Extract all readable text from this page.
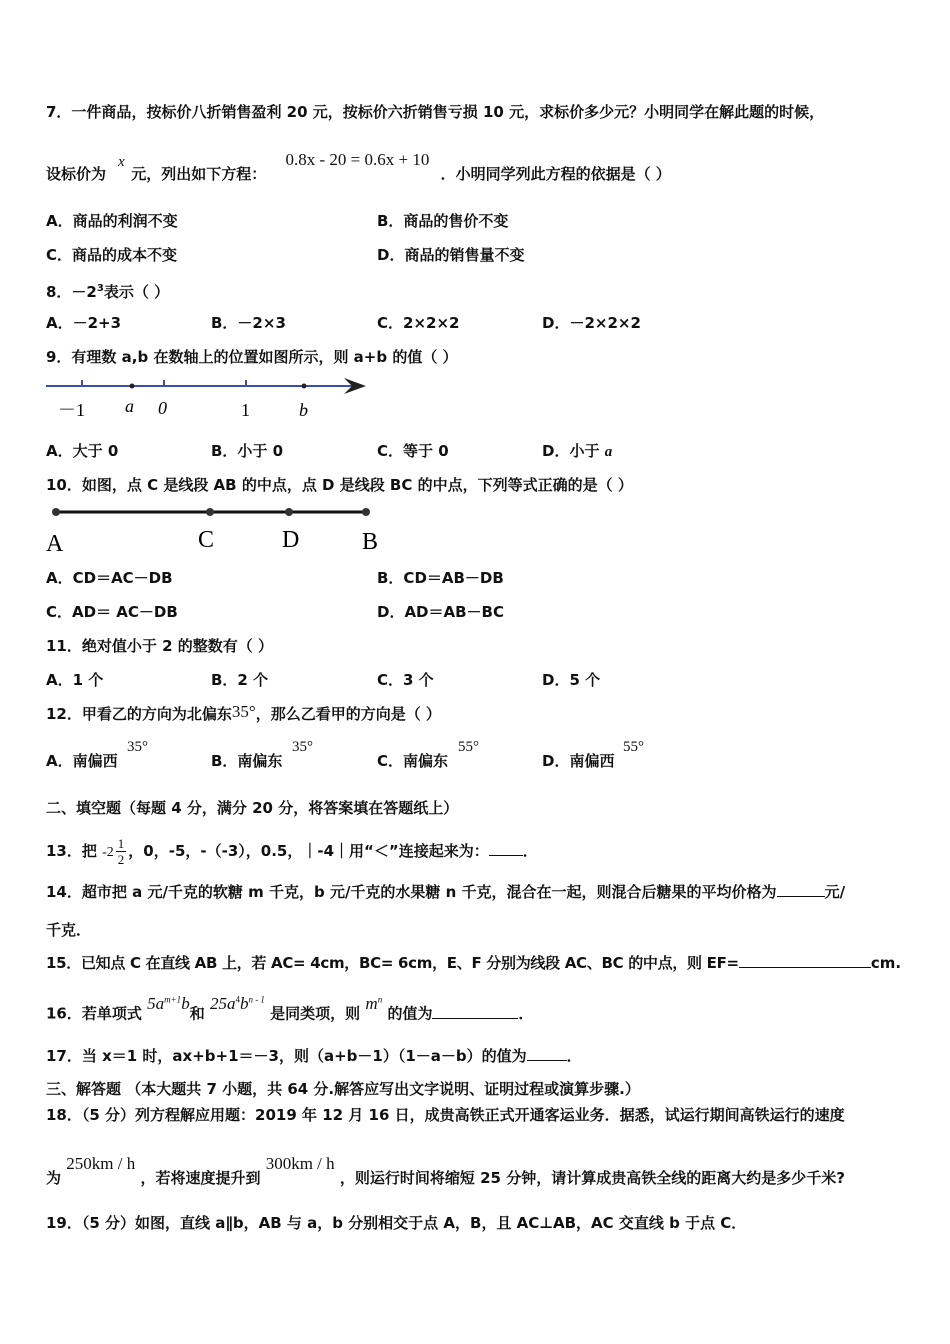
7．一件商品，按标价八折销售盈利 20 元，按标价六折销售亏损 10 元，求标价多少元？小明同学在解此题的时候，
设标价为
x
元，列出如下方程： 0.8x - 20 = 0.6x + 10 ．小明同学列此方程的依据是（ ）
A．商品的利润不变	B．商品的售价不变
C．商品的成本不变	D．商品的销售量不变
8．$-2^3$表示（ ）
A．－2+3	B．－2×3	C．2×2×2	D．－2×2×2
9．有理数 a,b 在数轴上的位置如图所示，则 a+b 的值（ ）
－1 a 0	1	b
A．大于 0	B．小于 0	C．等于 0	D．小于 a
10．如图，点 C 是线段 AB 的中点，点 D 是线段 BC 的中点，下列等式正确的是（ ）
A	C	D	B
A．CD＝AC－DB	B．CD＝AB－DB
C．AD＝ AC－DB	D．AD＝AB－BC
11．绝对值小于 2 的整数有（ ）
A．1 个	B．2 个	C．3 个	D．5 个
12．甲看乙的方向为北偏东35°，那么乙看甲的方向是（ ）
A．南偏西
35°
B．南偏东
35°
C．南偏东
55°
D．南偏西
55°
二、填空题（每题 4 分，满分 20 分，将答案填在答题纸上）
13．把 $-2 \frac{1}{2}$ ，0，-5，-（-3），0.5，｜-4｜用“＜”连接起来为： ．
14．超市把 a 元/千克的软糖 m 千克，b 元/千克的水果糖 n 千克，混合在一起，则混合后糖果的平均价格为	元/
千克．
15．已知点 C 在直线 AB 上，若 AC= 4cm，BC= 6cm，E、F 分别为线段 AC、BC 的中点，则 EF=	cm.
16．若单项式 $5a^{m+1}b$和 $25a^4b^{n - 1}$ 是同类项，则 $m^n$ 的值为	．
17．当 x＝1 时，ax+b+1＝－3，则（a+b－1）（1－a－b）的值为	．
三、解答题 （本大题共 7 小题，共 64 分.解答应写出文字说明、证明过程或演算步骤.）
18．（5 分）列方程解应用题：2019 年 12 月 16 日，成贵高铁正式开通客运业务．据悉，试运行期间高铁运行的速度
为 250km / h ，若将速度提升到 300km / h ，则运行时间将缩短 25 分钟，请计算成贵高铁全线的距离大约是多少千米?
19．（5 分）如图，直线 a∥b，AB 与 a，b 分别相交于点 A，B，且 AC⊥AB，AC 交直线 b 于点 C．
